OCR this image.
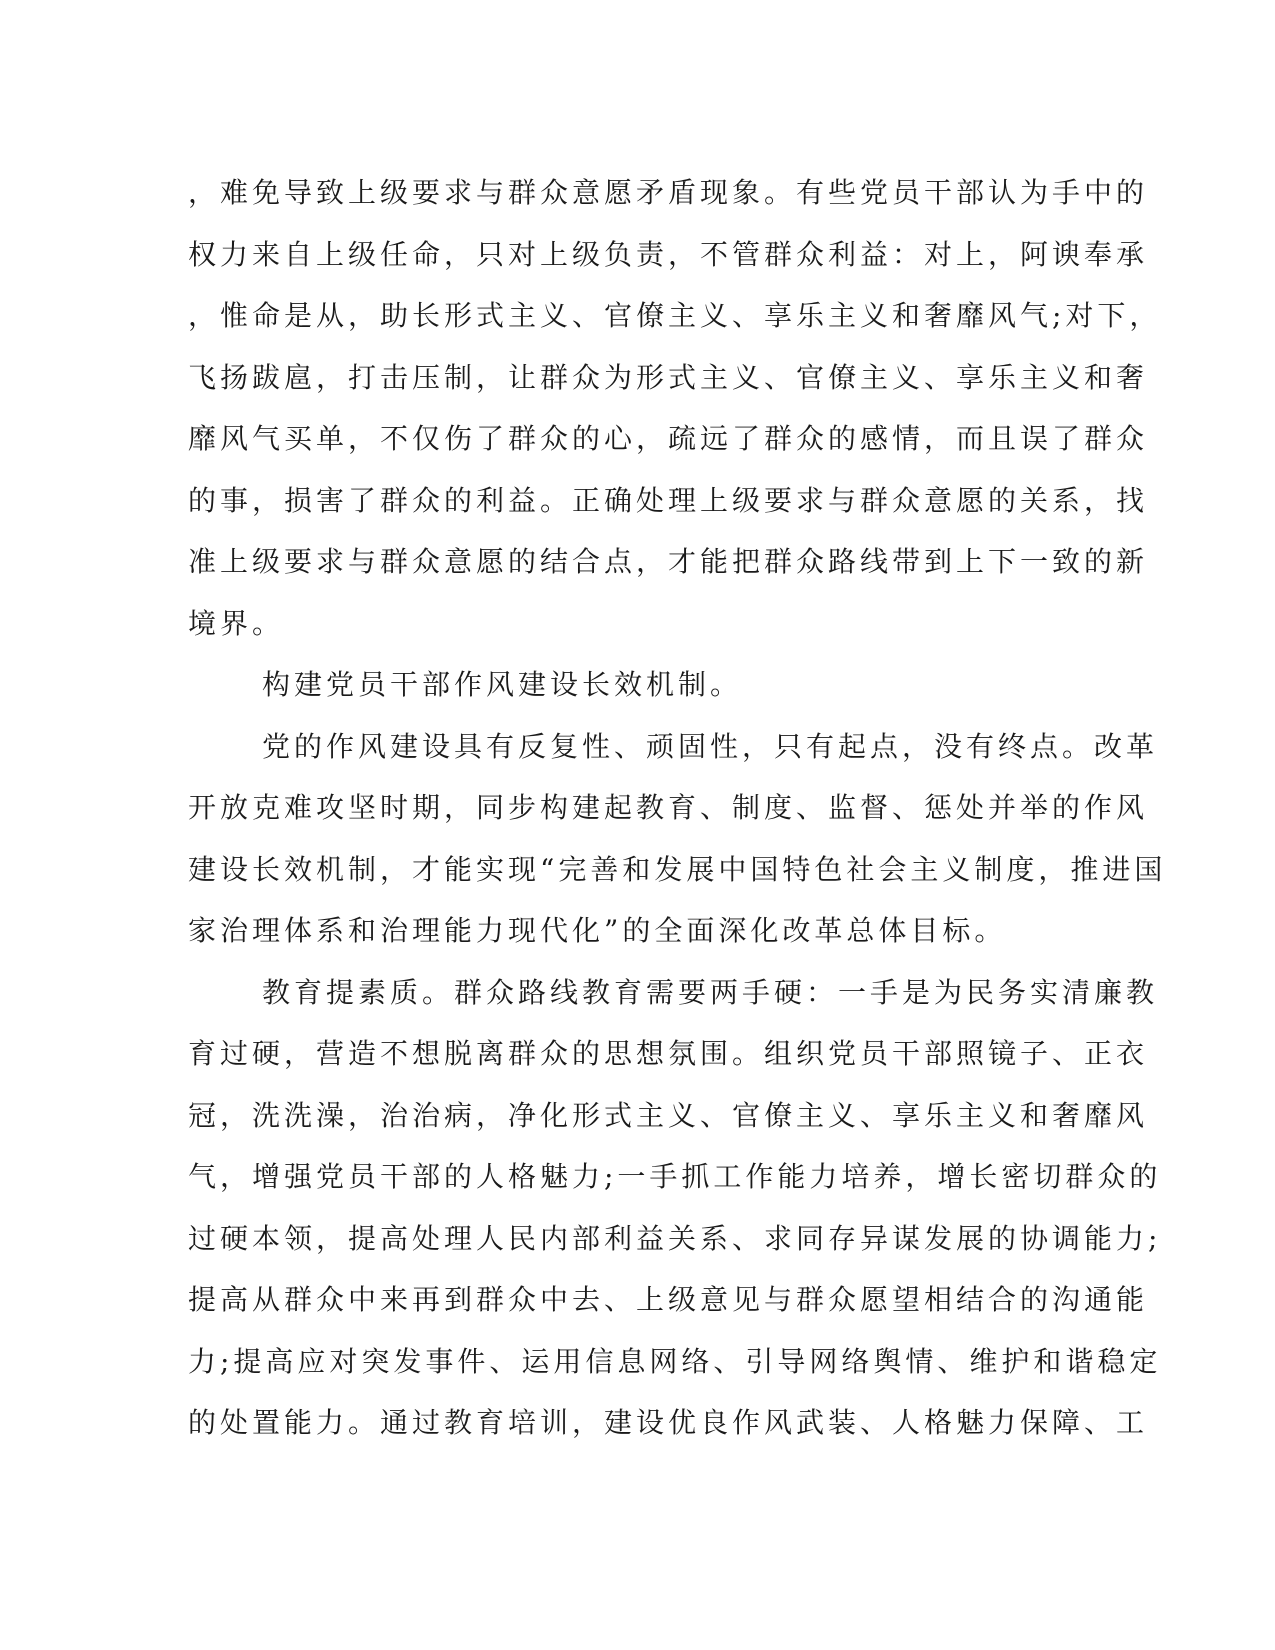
，难免导致上级要求与群众意愿矛盾现象。有些党员干部认为手中的

权力来自上级任命，只对上级负责，不管群众利益：对上，阿谀奉承

，惟命是从，助长形式主义、官僚主义、享乐主义和奢靡风气;对下，

飞扬跋扈，打击压制，让群众为形式主义、官僚主义、享乐主义和奢

靡风气买单，不仅伤了群众的心，疏远了群众的感情，而且误了群众

的事，损害了群众的利益。正确处理上级要求与群众意愿的关系，找

准上级要求与群众意愿的结合点，才能把群众路线带到上下一致的新

境界。

构建党员干部作风建设长效机制。

党的作风建设具有反复性、顽固性，只有起点，没有终点。改革

开放克难攻坚时期，同步构建起教育、制度、监督、惩处并举的作风

建设长效机制，才能实现“完善和发展中国特色社会主义制度，推进国

家治理体系和治理能力现代化”的全面深化改革总体目标。

教育提素质。群众路线教育需要两手硬：一手是为民务实清廉教

育过硬，营造不想脱离群众的思想氛围。组织党员干部照镜子、正衣

冠，洗洗澡，治治病，净化形式主义、官僚主义、享乐主义和奢靡风

气，增强党员干部的人格魅力;一手抓工作能力培养，增长密切群众的

过硬本领，提高处理人民内部利益关系、求同存异谋发展的协调能力;

提高从群众中来再到群众中去、上级意见与群众愿望相结合的沟通能

力;提高应对突发事件、运用信息网络、引导网络舆情、维护和谐稳定

的处置能力。通过教育培训，建设优良作风武装、人格魅力保障、工
